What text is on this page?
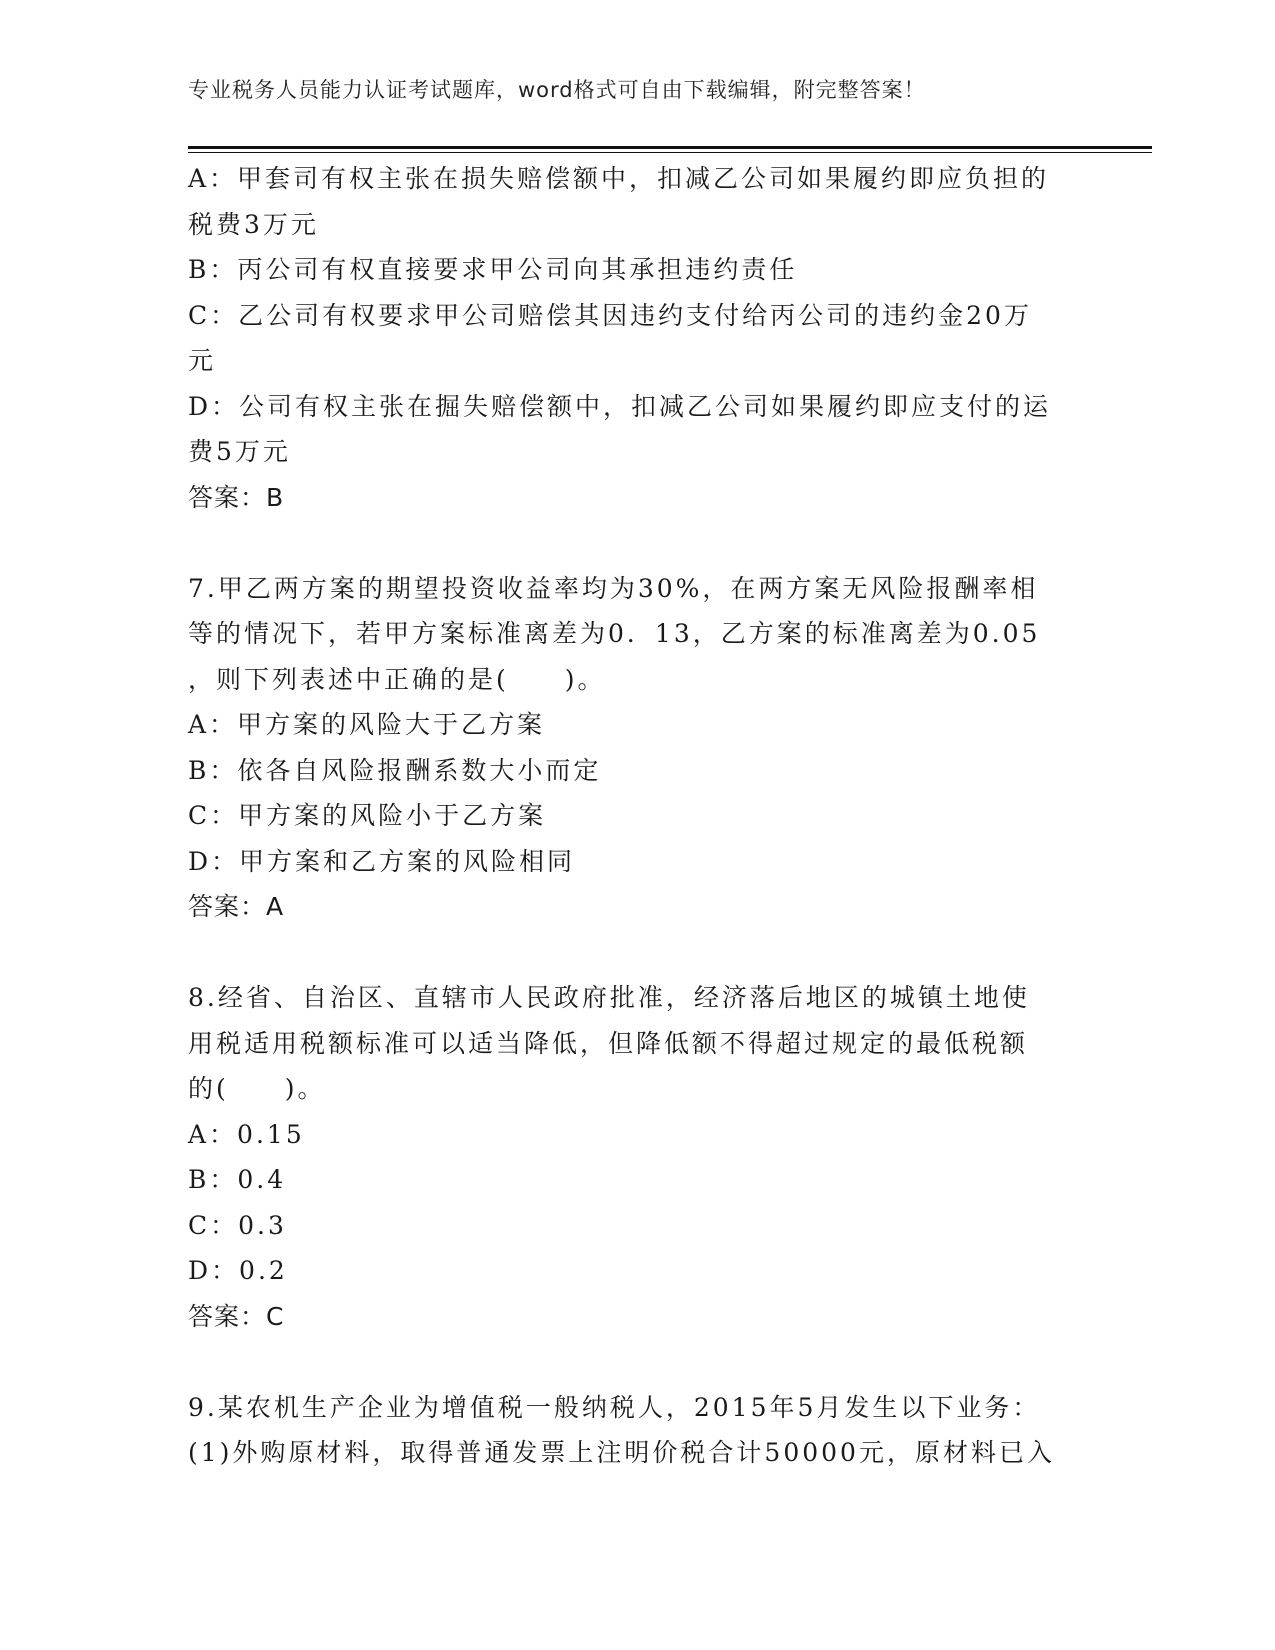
专业税务人员能力认证考试题库，word格式可自由下载编辑，附完整答案！
A：甲套司有权主张在损失赔偿额中，扣减乙公司如果履约即应负担的
税费3万元
B：丙公司有权直接要求甲公司向其承担违约责任
C：乙公司有权要求甲公司赔偿其因违约支付给丙公司的违约金20万
元
D：公司有权主张在掘失赔偿额中，扣减乙公司如果履约即应支付的运
费5万元
答案：B
7.甲乙两方案的期望投资收益率均为30%，在两方案无风险报酬率相
等的情况下，若甲方案标准离差为0．13，乙方案的标准离差为0.05
，则下列表述中正确的是(　　)。
A：甲方案的风险大于乙方案
B：依各自风险报酬系数大小而定
C：甲方案的风险小于乙方案
D：甲方案和乙方案的风险相同
答案：A
8.经省、自治区、直辖市人民政府批准，经济落后地区的城镇土地使
用税适用税额标准可以适当降低，但降低额不得超过规定的最低税额
的(　　)。
A：0.15
B：0.4
C：0.3
D：0.2
答案：C
9.某农机生产企业为增值税一般纳税人，2015年5月发生以下业务：
(1)外购原材料，取得普通发票上注明价税合计50000元，原材料已入
